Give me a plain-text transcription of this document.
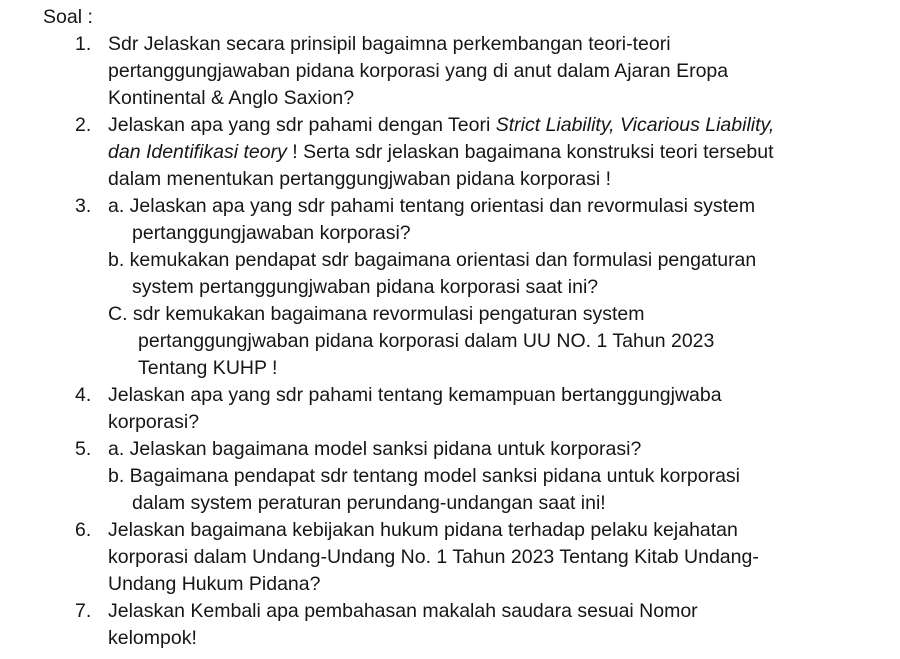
Soal :

1. Sdr Jelaskan secara prinsipil bagaimna perkembangan teori-teori
pertanggungjawaban pidana korporasi yang di anut dalam Ajaran Eropa
Kontinental & Anglo Saxion?
2. Jelaskan apa yang sdr pahami dengan Teori Strict Liability, Vicarious Liability,
dan Identifikasi teory ! Serta sdr jelaskan bagaimana konstruksi teori tersebut
dalam menentukan pertanggungjwaban pidana korporasi !
3. a. Jelaskan apa yang sdr pahami tentang orientasi dan revormulasi system
pertanggungjawaban korporasi?
b. kemukakan pendapat sdr bagaimana orientasi dan formulasi pengaturan
system pertanggungjwaban pidana korporasi saat ini?
C. sdr kemukakan bagaimana revormulasi pengaturan system
pertanggungjwaban pidana korporasi dalam UU NO. 1 Tahun 2023
Tentang KUHP !
4. Jelaskan apa yang sdr pahami tentang kemampuan bertanggungjwaba
korporasi?
5. a. Jelaskan bagaimana model sanksi pidana untuk korporasi?
b. Bagaimana pendapat sdr tentang model sanksi pidana untuk korporasi
dalam system peraturan perundang-undangan saat ini!
6. Jelaskan bagaimana kebijakan hukum pidana terhadap pelaku kejahatan
korporasi dalam Undang-Undang No. 1 Tahun 2023 Tentang Kitab Undang-
Undang Hukum Pidana?
7. Jelaskan Kembali apa pembahasan makalah saudara sesuai Nomor
kelompok!
